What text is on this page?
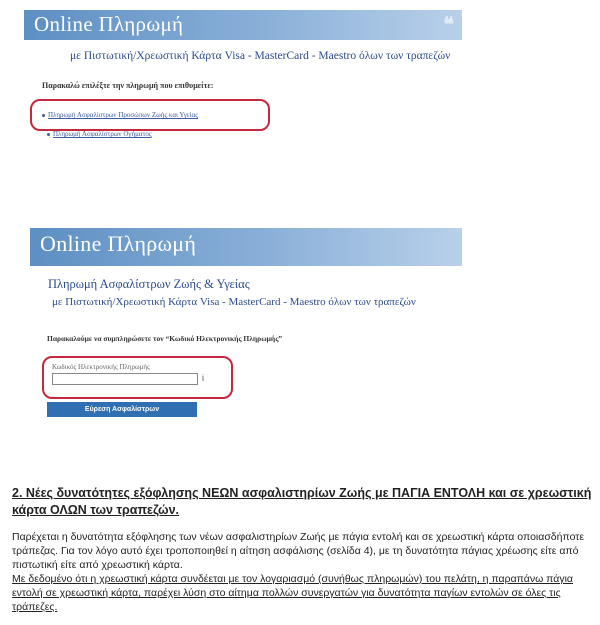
Online Πληρωμή	❝
με Πιστωτική/Χρεωστική Κάρτα Visa - MasterCard - Maestro όλων των τραπεζών
Παρακαλώ επιλέξτε την πληρωμή που επιθυμείτε:
Πληρωμή Ασφαλίστρων Προσώπων Ζωής και Υγείας
Πληρωμή Ασφαλίστρων Ογήματος
Online Πληρωμή
Πληρωμή Ασφαλίστρων Ζωής & Υγείας
με Πιστωτική/Χρεωστική Κάρτα Visa - MasterCard - Maestro όλων των τραπεζών
Παρακαλούμε να συμπληρώσετε τον “Κωδικό Ηλεκτρονικής Πληρωμής”
Κωδικός Ηλεκτρονικής Πληρωμής
i
Εύρεση Ασφαλίστρων

2. Νέες δυνατότητες εξόφλησης ΝΕΩΝ ασφαλιστηρίων Ζωής με ΠΑΓΙΑ ΕΝΤΟΛΗ και σε χρεωστική κάρτα ΟΛΩΝ των τραπεζών.

Παρέχεται η δυνατότητα εξόφλησης των νέων ασφαλιστηρίων Ζωής με πάγια εντολή και σε χρεωστική κάρτα οποιασδήποτε τράπεζας. Για τον λόγο αυτό έχει τροποποιηθεί η αίτηση ασφάλισης (σελίδα 4), με τη δυνατότητα πάγιας χρέωσης είτε από πιστωτική είτε από χρεωστική κάρτα.
Με δεδομένο ότι η χρεωστική κάρτα συνδέεται με τον λογαριασμό (συνήθως πληρωμών) του πελάτη, η παραπάνω πάγια εντολή σε χρεωστική κάρτα, παρέχει λύση στο αίτημα πολλών συνεργατών για δυνατότητα παγίων εντολών σε όλες τις τράπεζες.
